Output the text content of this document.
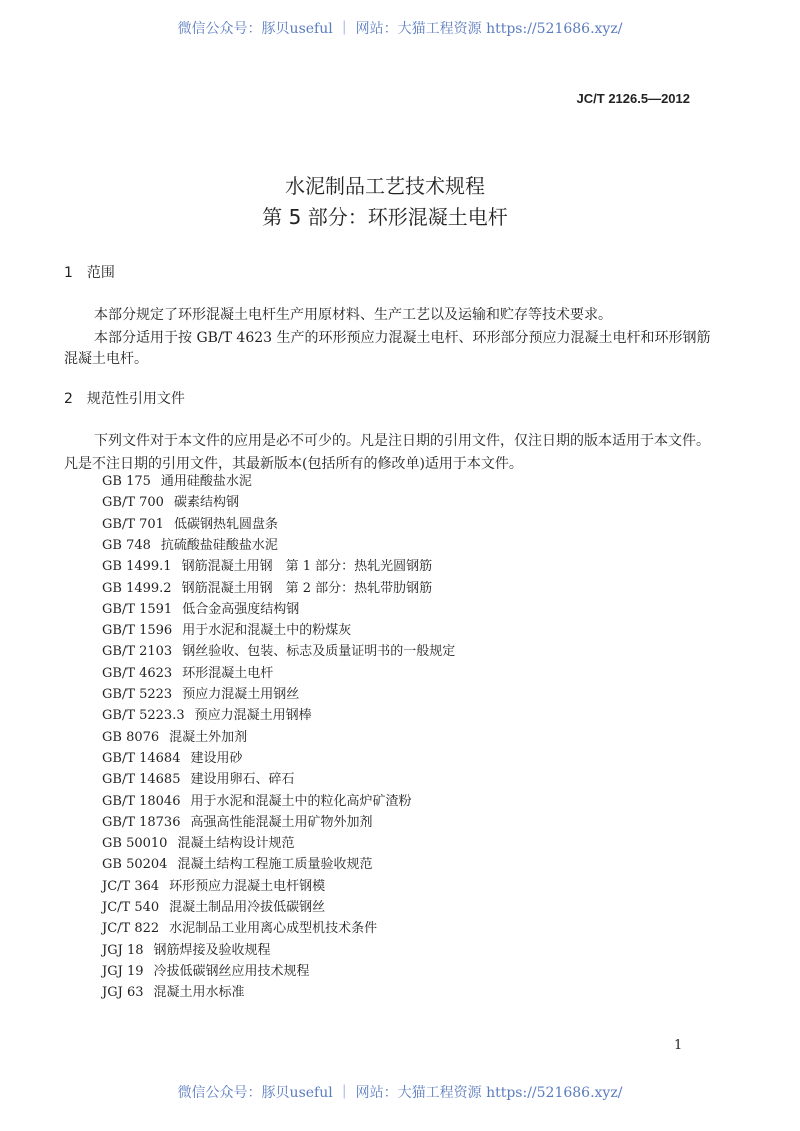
微信公众号：豚贝useful ｜ 网站：大猫工程资源 https://521686.xyz/
JC/T 2126.5—2012
水泥制品工艺技术规程
第 5 部分：环形混凝土电杆
1　范围
本部分规定了环形混凝土电杆生产用原材料、生产工艺以及运输和贮存等技术要求。
本部分适用于按 GB/T 4623 生产的环形预应力混凝土电杆、环形部分预应力混凝土电杆和环形钢筋
混凝土电杆。
2　规范性引用文件
下列文件对于本文件的应用是必不可少的。凡是注日期的引用文件，仅注日期的版本适用于本文件。
凡是不注日期的引用文件，其最新版本(包括所有的修改单)适用于本文件。
GB 175 通用硅酸盐水泥
GB/T 700 碳素结构钢
GB/T 701 低碳钢热轧圆盘条
GB 748 抗硫酸盐硅酸盐水泥
GB 1499.1 钢筋混凝土用钢　第 1 部分：热轧光圆钢筋
GB 1499.2 钢筋混凝土用钢　第 2 部分：热轧带肋钢筋
GB/T 1591 低合金高强度结构钢
GB/T 1596 用于水泥和混凝土中的粉煤灰
GB/T 2103 钢丝验收、包装、标志及质量证明书的一般规定
GB/T 4623 环形混凝土电杆
GB/T 5223 预应力混凝土用钢丝
GB/T 5223.3 预应力混凝土用钢棒
GB 8076 混凝土外加剂
GB/T 14684 建设用砂
GB/T 14685 建设用卵石、碎石
GB/T 18046 用于水泥和混凝土中的粒化高炉矿渣粉
GB/T 18736 高强高性能混凝土用矿物外加剂
GB 50010 混凝土结构设计规范
GB 50204 混凝土结构工程施工质量验收规范
JC/T 364 环形预应力混凝土电杆钢模
JC/T 540 混凝土制品用冷拔低碳钢丝
JC/T 822 水泥制品工业用离心成型机技术条件
JGJ 18 钢筋焊接及验收规程
JGJ 19 冷拔低碳钢丝应用技术规程
JGJ 63 混凝土用水标准
1
微信公众号：豚贝useful ｜ 网站：大猫工程资源 https://521686.xyz/
